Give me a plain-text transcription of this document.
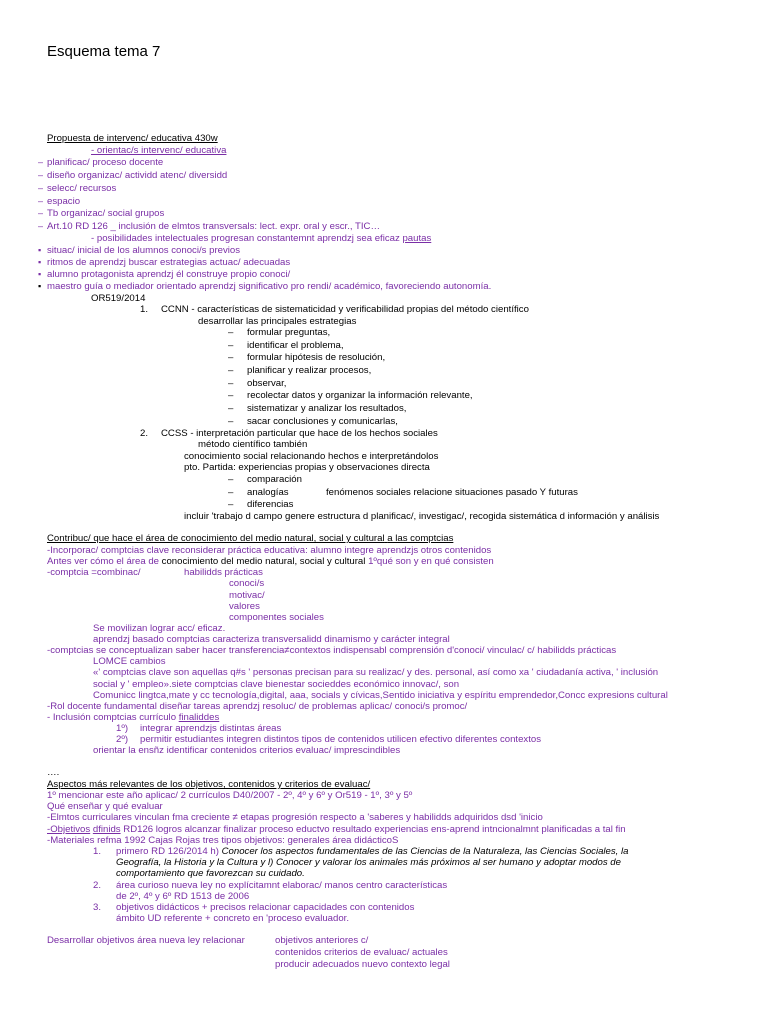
Esquema tema 7
Propuesta de intervenc/ educativa 430w
- orientac/s intervenc/ educativa
– planificac/ proceso docente
– diseño organizac/ actividd atenc/ diversidd
– selecc/ recursos
– espacio
– Tb organizac/ social grupos
– Art.10 RD 126 _ inclusión de elmtos transversals: lect. expr. oral y escr., TIC…
- posibilidades intelectuales progresan constantemnt aprendzj sea eficaz pautas
▪ situac/ inicial de los alumnos conoci/s previos
▪ ritmos de aprendzj buscar estrategias actuac/ adecuadas
▪ alumno protagonista aprendzj él construye propio conoci/
▪ maestro guía o mediador orientado aprendzj significativo pro rendi/ académico, favoreciendo autonomía.
OR519/2014
1. CCNN - características de sistematicidad y verificabilidad propias del método científico
desarrollar las principales estrategias
– formular preguntas,
– identificar el problema,
– formular hipótesis de resolución,
– planificar y realizar procesos,
– observar,
– recolectar datos y organizar la información relevante,
– sistematizar y analizar los resultados,
– sacar conclusiones y comunicarlas,
2. CCSS - interpretación particular que hace de los hechos sociales
método científico también
conocimiento social relacionando hechos e interpretándolos
pto. Partida: experiencias propias y observaciones directa
– comparación
– analogías	fenómenos sociales relacione situaciones pasado Y futuras
– diferencias
incluir 'trabajo d campo genere estructura d planificac/, investigac/, recogida sistemática d información y análisis
Contribuc/ que hace el área de conocimiento del medio natural, social y cultural a las comptcias
-Incorporac/ comptcias clave reconsiderar práctica educativa: alumno integre aprendzjs otros contenidos
Antes ver cómo el área de conocimiento del medio natural, social y cultural 1ºqué son y en qué consisten
-comptcia =combinac/	habilidds prácticas
conoci/s
motivac/
valores
componentes sociales
Se movilizan lograr acc/ eficaz.
aprendzj basado comptcias caracteriza transversalidd dinamismo y carácter integral
-comptcias se conceptualizan saber hacer transferencia≠contextos indispensabl comprensión d'conoci/ vinculac/ c/ habilidds prácticas
LOMCE cambios
«' comptcias clave son aquellas q#s ' personas precisan para su realizac/ y des. personal, así como xa ' ciudadanía activa, ' inclusión
social y ' empleo».siete comptcias clave bienestar socieddes económico innovac/, son
Comunicc lingtca,mate y cc tecnología,digital, aaa, socials y cívicas,Sentido iniciativa y espíritu emprendedor,Concc expresions cultural
-Rol docente fundamental diseñar tareas aprendzj resoluc/ de problemas aplicac/ conoci/s promoc/
- Inclusión comptcias currículo finaliddes
1º) integrar aprendzjs distintas áreas
2º) permitir estudiantes integren distintos tipos de contenidos utilicen efectivo diferentes contextos
orientar la ensñz identificar contenidos criterios evaluac/ imprescindibles
….
Aspectos más relevantes de los objetivos, contenidos y criterios de evaluac/
1º mencionar este año aplicac/ 2 currículos D40/2007 - 2º, 4º y 6º y Or519 - 1º, 3º y 5º
Qué enseñar y qué evaluar
-Elmtos curriculares vinculan fma creciente ≠ etapas progresión respecto a 'saberes y habilidds adquiridos dsd 'inicio
-Objetivos dfinids RD126 logros alcanzar finalizar proceso eductvo resultado experiencias ens-aprend intncionalmnt planificadas a tal fin
-Materiales refma 1992 Cajas Rojas tres tipos objetivos: generales área didácticoS
1. primero RD 126/2014 h) Conocer los aspectos fundamentales de las Ciencias de la Naturaleza, las Ciencias Sociales, la
Geografía, la Historia y la Cultura y l) Conocer y valorar los animales más próximos al ser humano y adoptar modos de
comportamiento que favorezcan su cuidado.
2. área curioso nueva ley no explícitamnt elaborac/ manos centro características
de 2º, 4º y 6º RD 1513 de 2006
3. objetivos didácticos + precisos relacionar capacidades con contenidos
ámbito UD referente + concreto en 'proceso evaluador.
Desarrollar objetivos área nueva ley relacionar	objetivos anteriores c/
contenidos criterios de evaluac/ actuales
producir adecuados nuevo contexto legal
